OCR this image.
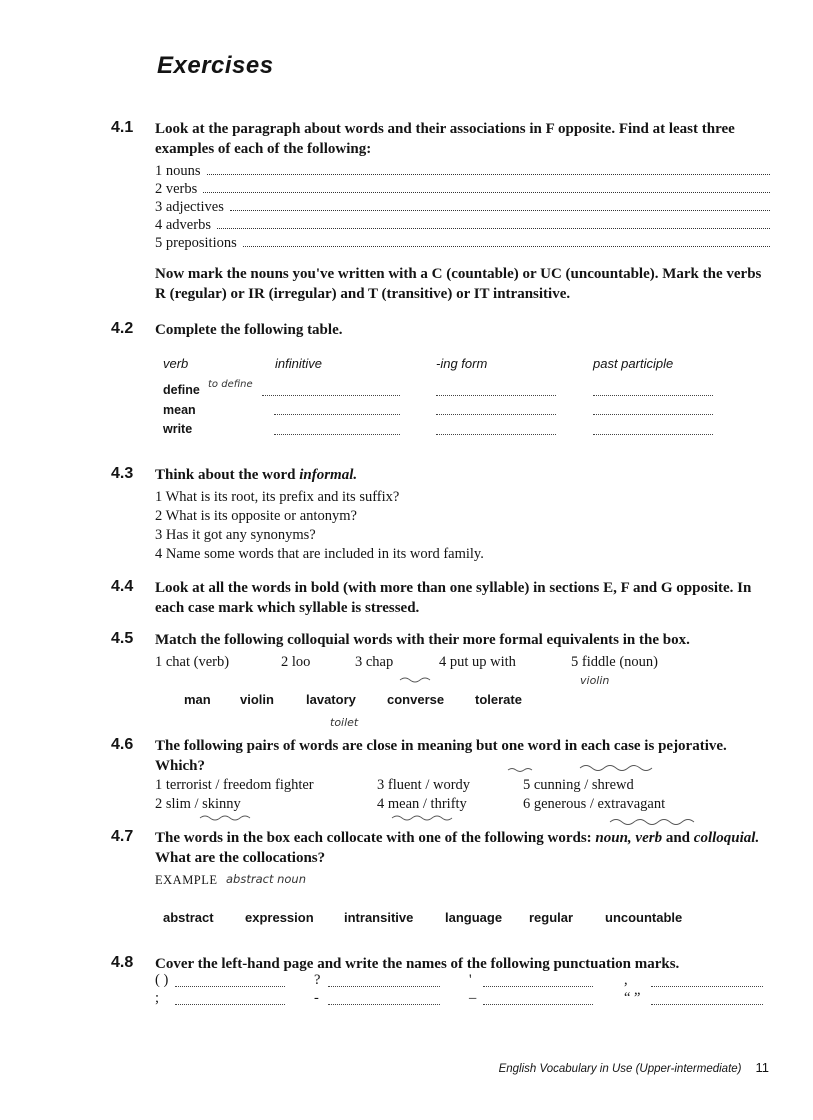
Exercises
4.1 Look at the paragraph about words and their associations in F opposite. Find at least three examples of each of the following:
1 nouns
2 verbs
3 adjectives
4 adverbs
5 prepositions
Now mark the nouns you've written with a C (countable) or UC (uncountable). Mark the verbs R (regular) or IR (irregular) and T (transitive) or IT intransitive.
4.2 Complete the following table.
verb	infinitive	-ing form	past participle
define to define
mean
write
4.3 Think about the word informal.
1 What is its root, its prefix and its suffix?
2 What is its opposite or antonym?
3 Has it got any synonyms?
4 Name some words that are included in its word family.
4.4 Look at all the words in bold (with more than one syllable) in sections E, F and G opposite. In each case mark which syllable is stressed.
4.5 Match the following colloquial words with their more formal equivalents in the box.
1 chat (verb)	2 loo	3 chap	4 put up with	5 fiddle (noun)
man violin lavatory converse tolerate
toilet
violin
4.6 The following pairs of words are close in meaning but one word in each case is pejorative. Which?
1 terrorist / freedom fighter
2 slim / skinny
3 fluent / wordy
4 mean / thrifty
5 cunning / shrewd
6 generous / extravagant
4.7 The words in the box each collocate with one of the following words: noun, verb and colloquial. What are the collocations?
EXAMPLE abstract noun
abstract expression intransitive language regular uncountable
4.8 Cover the left-hand page and write the names of the following punctuation marks.
( )	?	'	,
;	-	–	“ ”
English Vocabulary in Use (Upper-intermediate) 11
